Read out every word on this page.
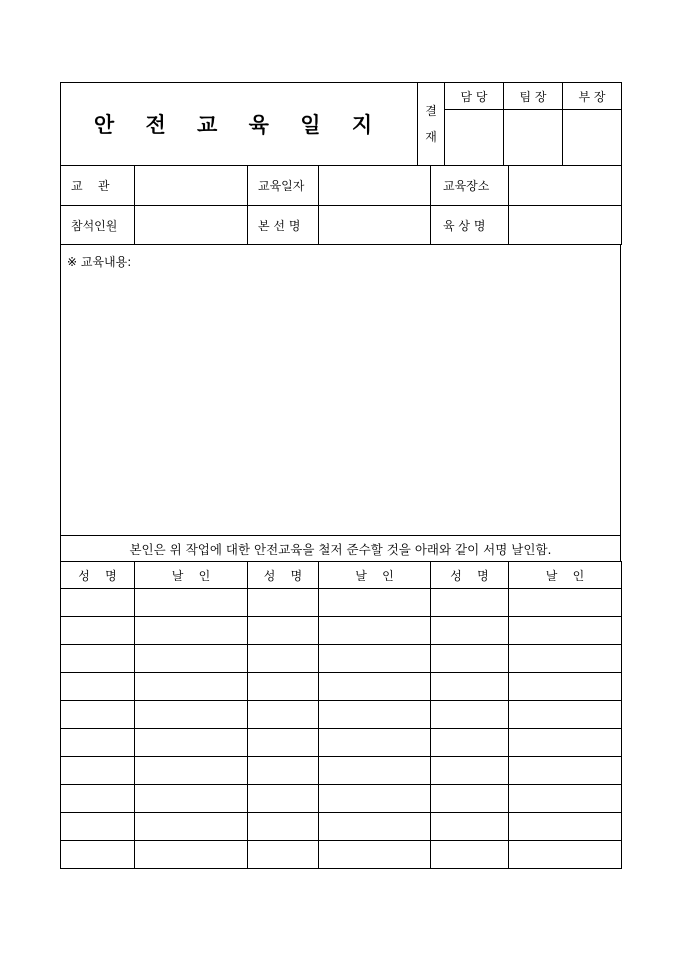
안 전 교 육 일 지	결
재	담 당	팀 장	부 장

교    관		교육일자		교육장소	
참석인원		본 선 명		육 상 명	
※ 교육내용:
본인은 위 작업에 대한 안전교육을 철저 준수할 것을 아래와 같이 서명 날인함.
성    명	날    인	성    명	날    인	성    명	날    인
